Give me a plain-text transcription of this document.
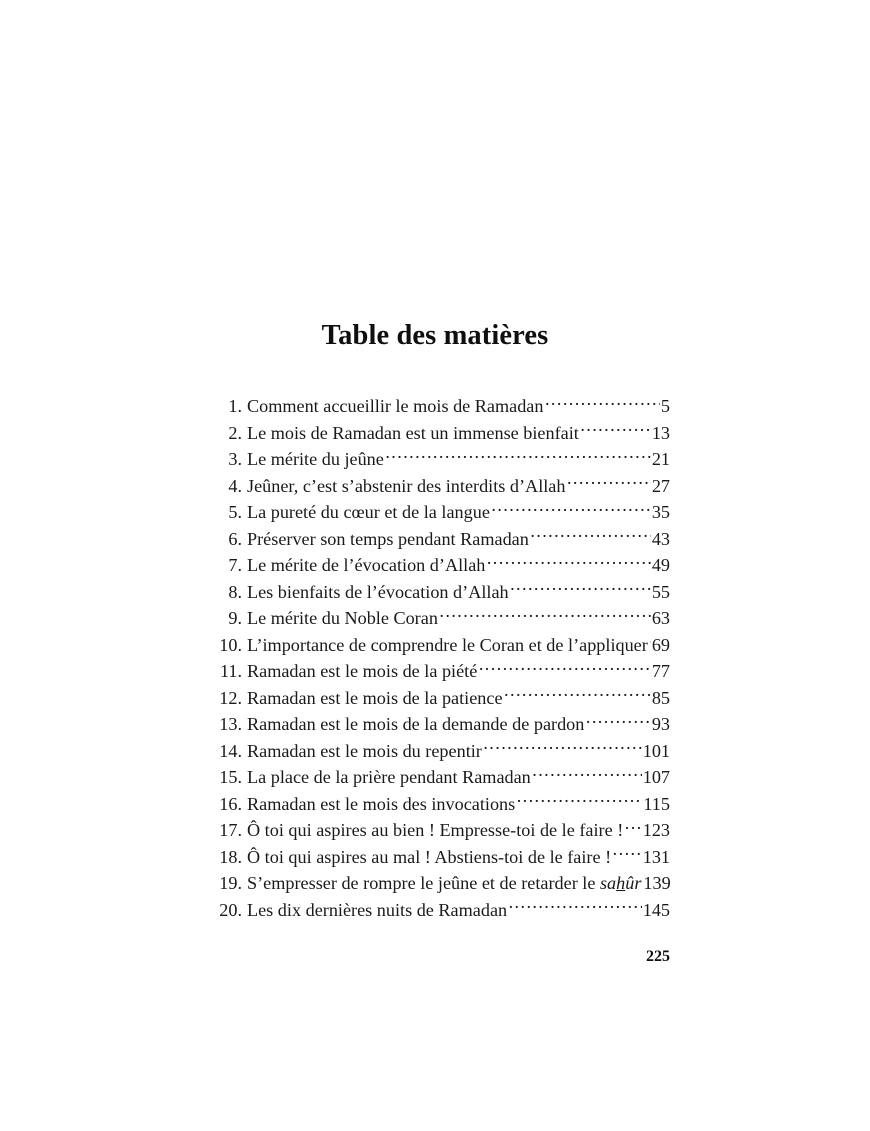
Table des matières
1. Comment accueillir le mois de Ramadan .....	5
2. Le mois de Ramadan est un immense bienfait .....	13
3. Le mérite du jeûne .....	21
4. Jeûner, c’est s’abstenir des interdits d’Allah .....	27
5. La pureté du cœur et de la langue .....	35
6. Préserver son temps pendant Ramadan .....	43
7. Le mérite de l’évocation d’Allah .....	49
8. Les bienfaits de l’évocation d’Allah .....	55
9. Le mérite du Noble Coran .....	63
10. L’importance de comprendre le Coran et de l’appliquer ..... 69
11. Ramadan est le mois de la piété .....	77
12. Ramadan est le mois de la patience .....	85
13. Ramadan est le mois de la demande de pardon .....	93
14. Ramadan est le mois du repentir .....	101
15. La place de la prière pendant Ramadan .....	107
16. Ramadan est le mois des invocations .....	115
17. Ô toi qui aspires au bien ! Empresse-toi de le faire ! ..... 123
18. Ô toi qui aspires au mal ! Abstiens-toi de le faire ! ..... 131
19. S’empresser de rompre le jeûne et de retarder le sahûr 139
20. Les dix dernières nuits de Ramadan .....	145
225
